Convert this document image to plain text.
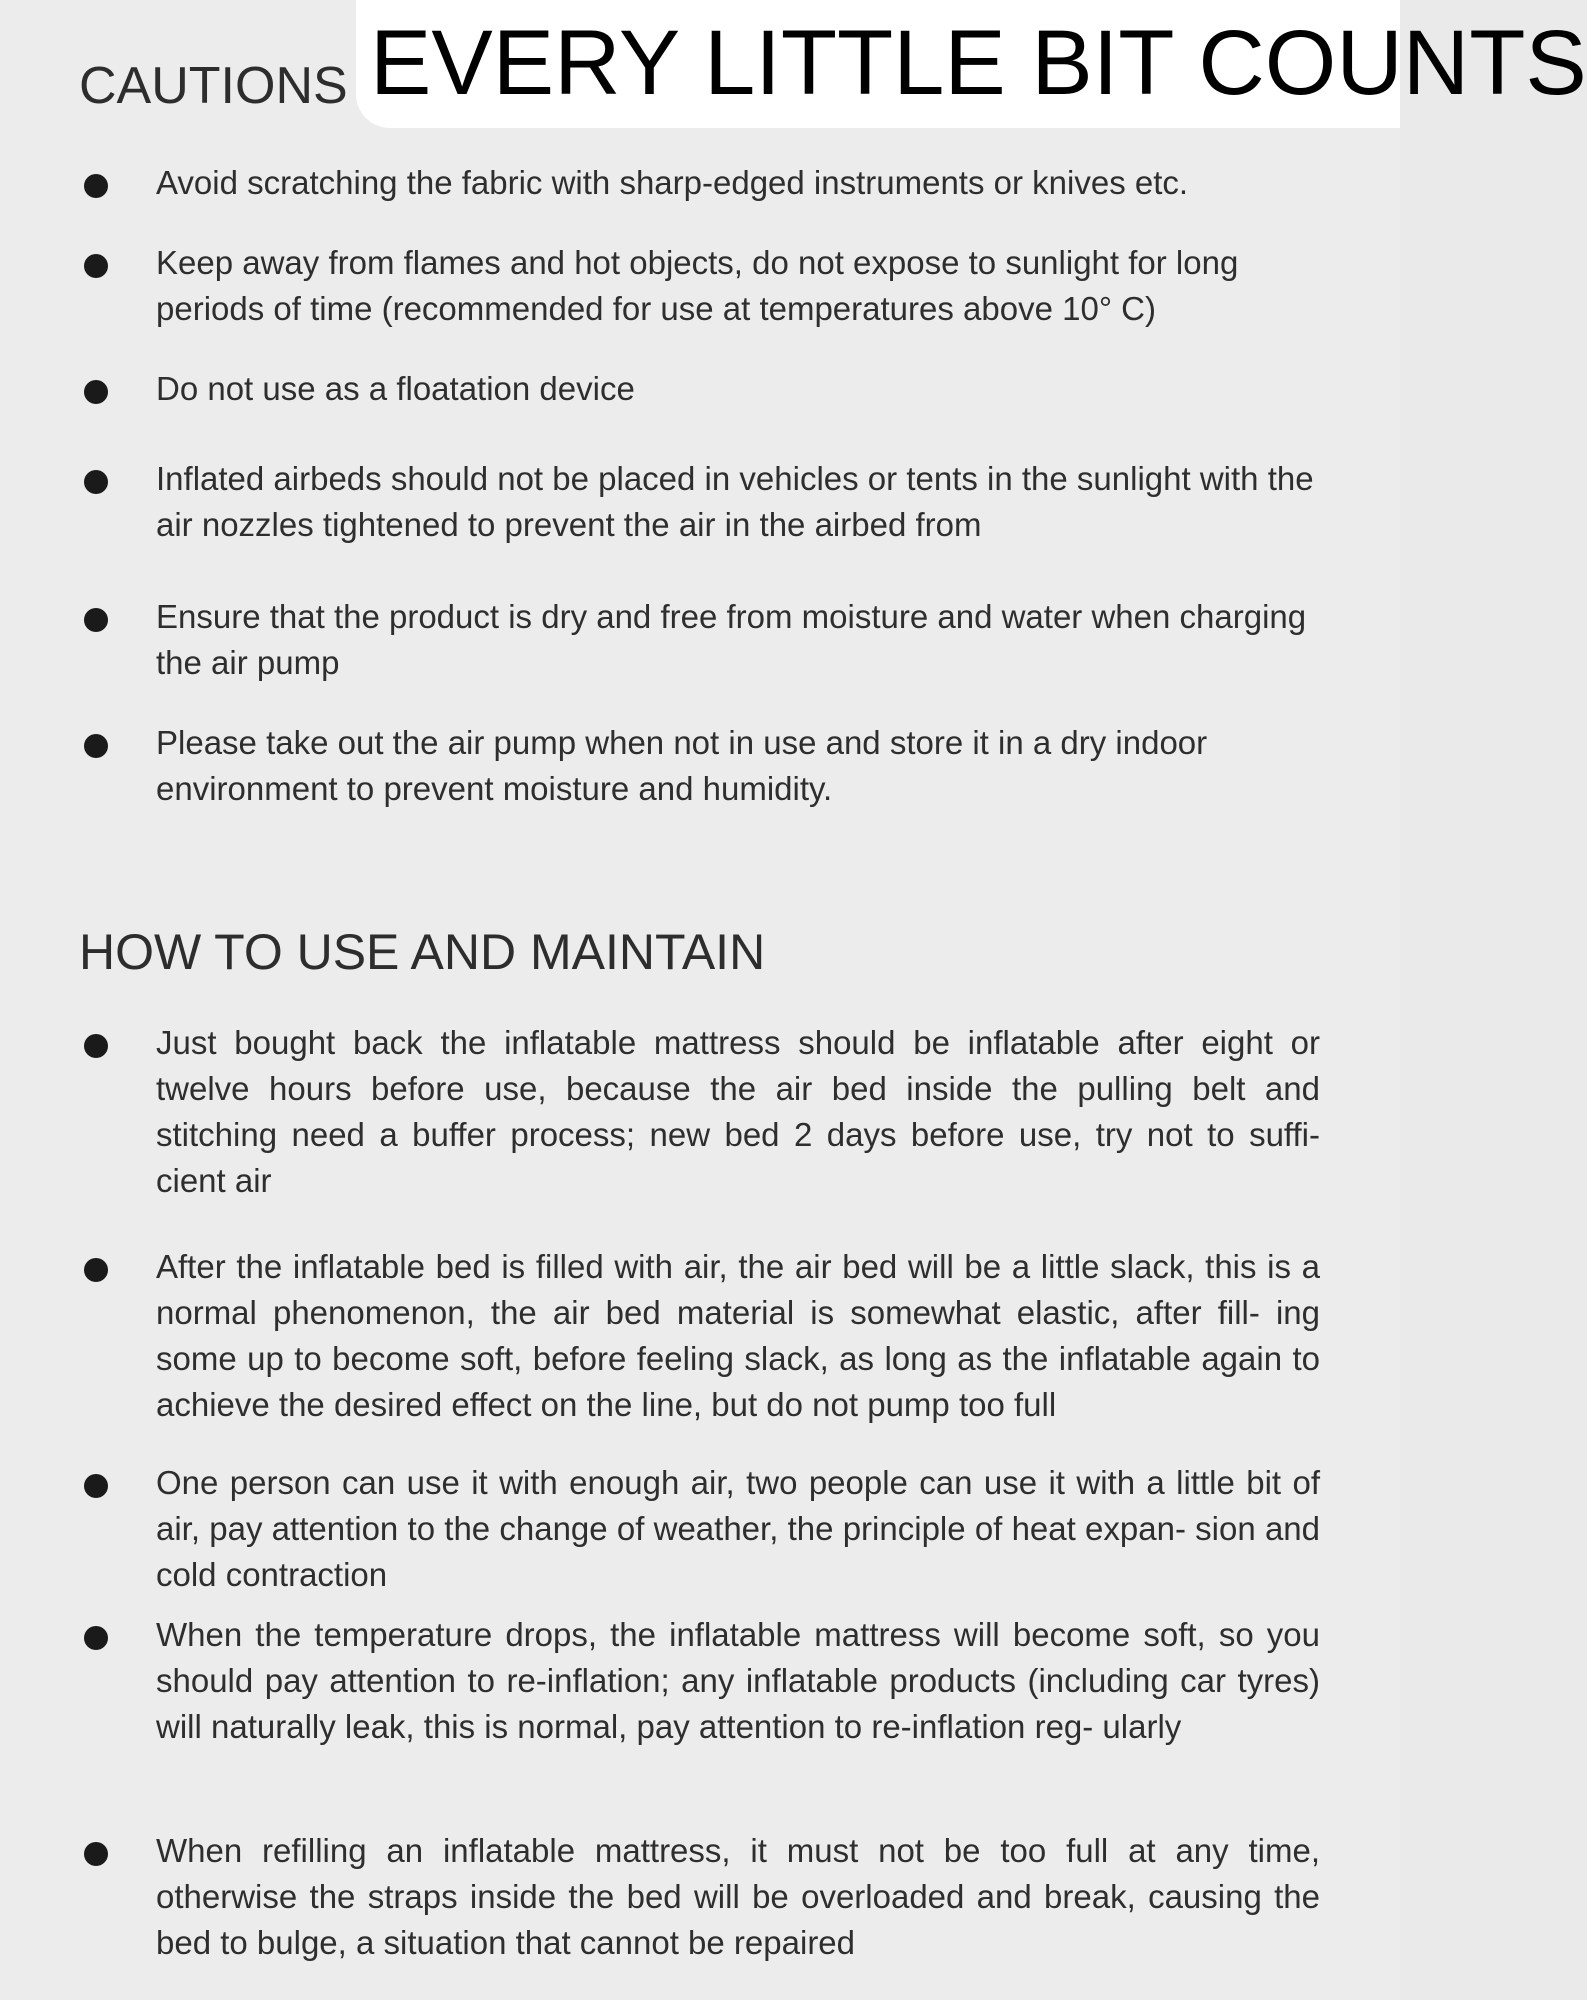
EVERY LITTLE BIT COUNTS
CAUTIONS

Avoid scratching the fabric with sharp-edged instruments or knives etc.

Keep away from flames and hot objects, do not expose to sunlight for long periods of time (recommended for use at temperatures above 10° C)

Do not use as a floatation device

Inflated airbeds should not be placed in vehicles or tents in the sunlight with the air nozzles tightened to prevent the air in the airbed from

Ensure that the product is dry and free from moisture and water when charging the air pump

Please take out the air pump when not in use and store it in a dry indoor environment to prevent moisture and humidity.

HOW TO USE AND MAINTAIN

Just bought back the inflatable mattress should be inflatable after eight or twelve hours before use, because the air bed inside the pulling belt and stitching need a buffer process; new bed 2 days before use, try not to suffi- cient air

After the inflatable bed is filled with air, the air bed will be a little slack, this is a normal phenomenon, the air bed material is somewhat elastic, after fill- ing some up to become soft, before feeling slack, as long as the inflatable again to achieve the desired effect on the line, but do not pump too full

One person can use it with enough air, two people can use it with a little bit of air, pay attention to the change of weather, the principle of heat expan- sion and cold contraction

When the temperature drops, the inflatable mattress will become soft, so you should pay attention to re-inflation; any inflatable products (including car tyres) will naturally leak, this is normal, pay attention to re-inflation reg- ularly

When refilling an inflatable mattress, it must not be too full at any time, otherwise the straps inside the bed will be overloaded and break, causing the bed to bulge, a situation that cannot be repaired
